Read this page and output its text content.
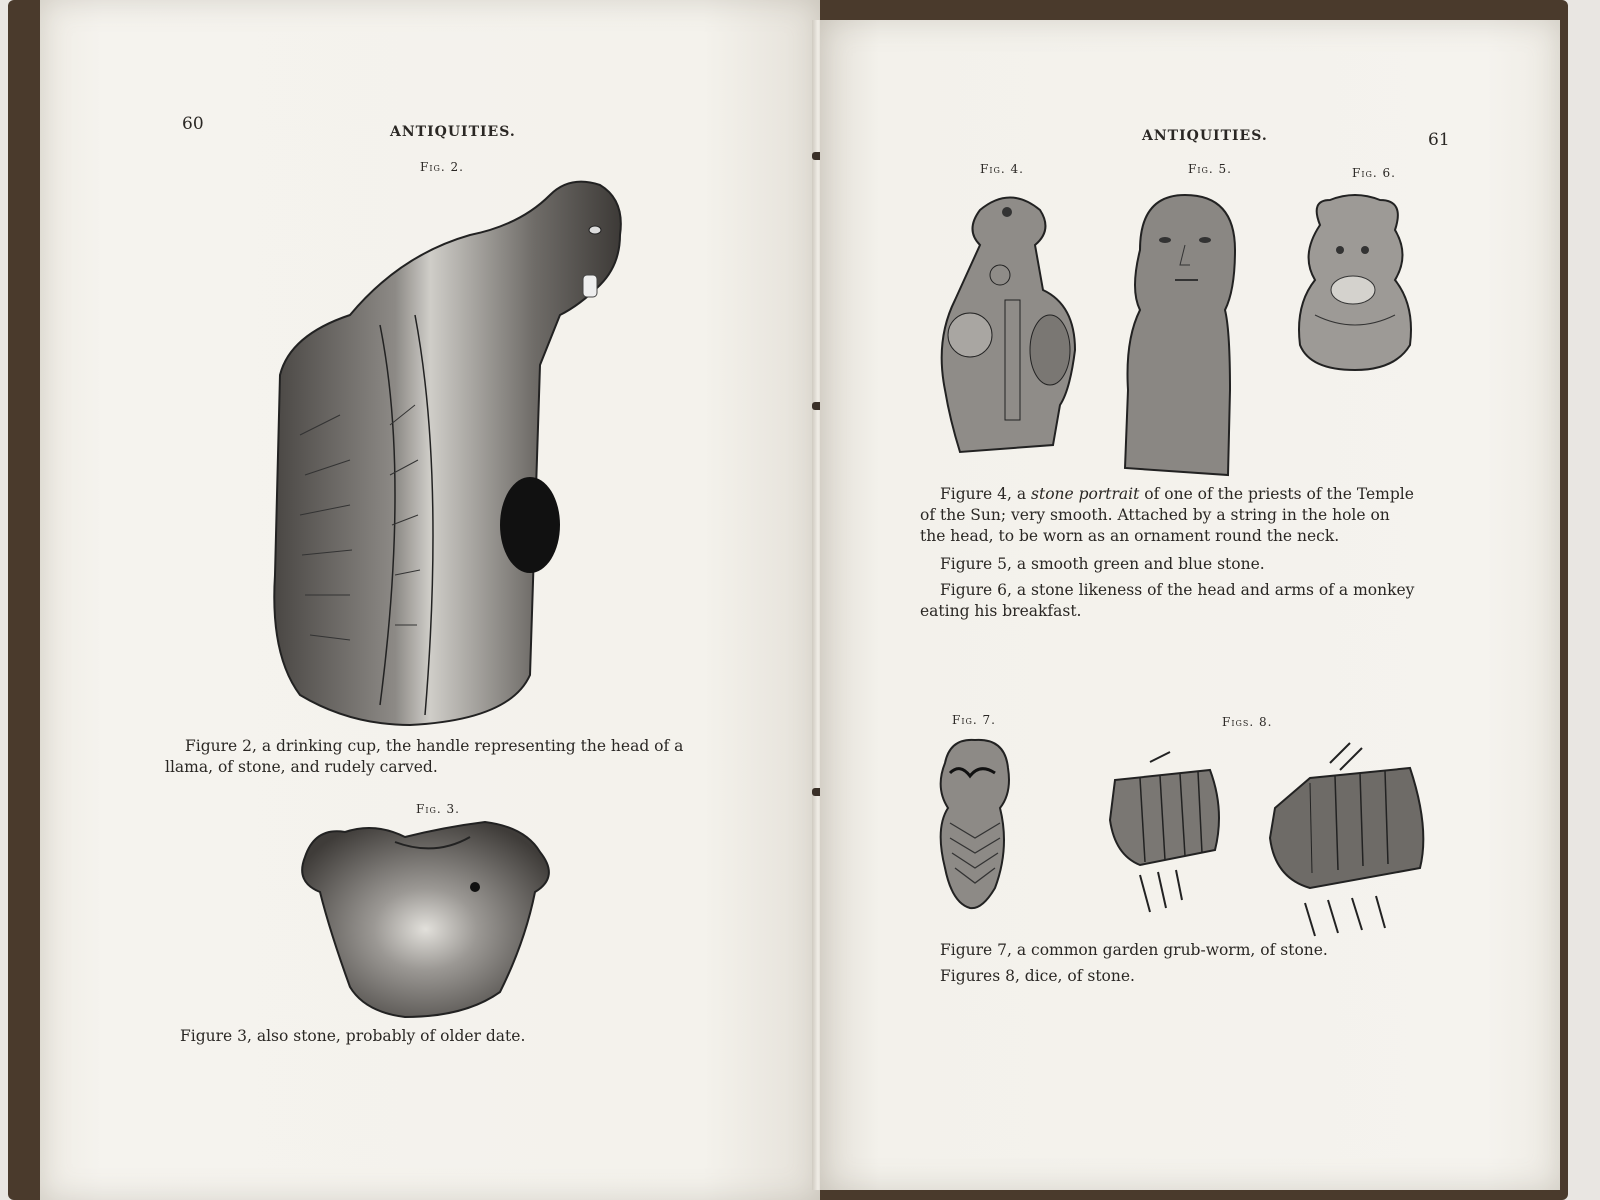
60	ANTIQUITIES.
Fig. 2.
Figure 2, a drinking cup, the handle representing the head of a llama, of stone, and rudely carved.
Fig. 3.
Figure 3, also stone, probably of older date.
ANTIQUITIES.	61
Fig. 4.	Fig. 5.	Fig. 6.
Figure 4, a stone portrait of one of the priests of the Temple of the Sun; very smooth. Attached by a string in the hole on the head, to be worn as an ornament round the neck.
Figure 5, a smooth green and blue stone.
Figure 6, a stone likeness of the head and arms of a monkey eating his breakfast.
Fig. 7.	Figs. 8.
Figure 7, a common garden grub-worm, of stone.
Figures 8, dice, of stone.
